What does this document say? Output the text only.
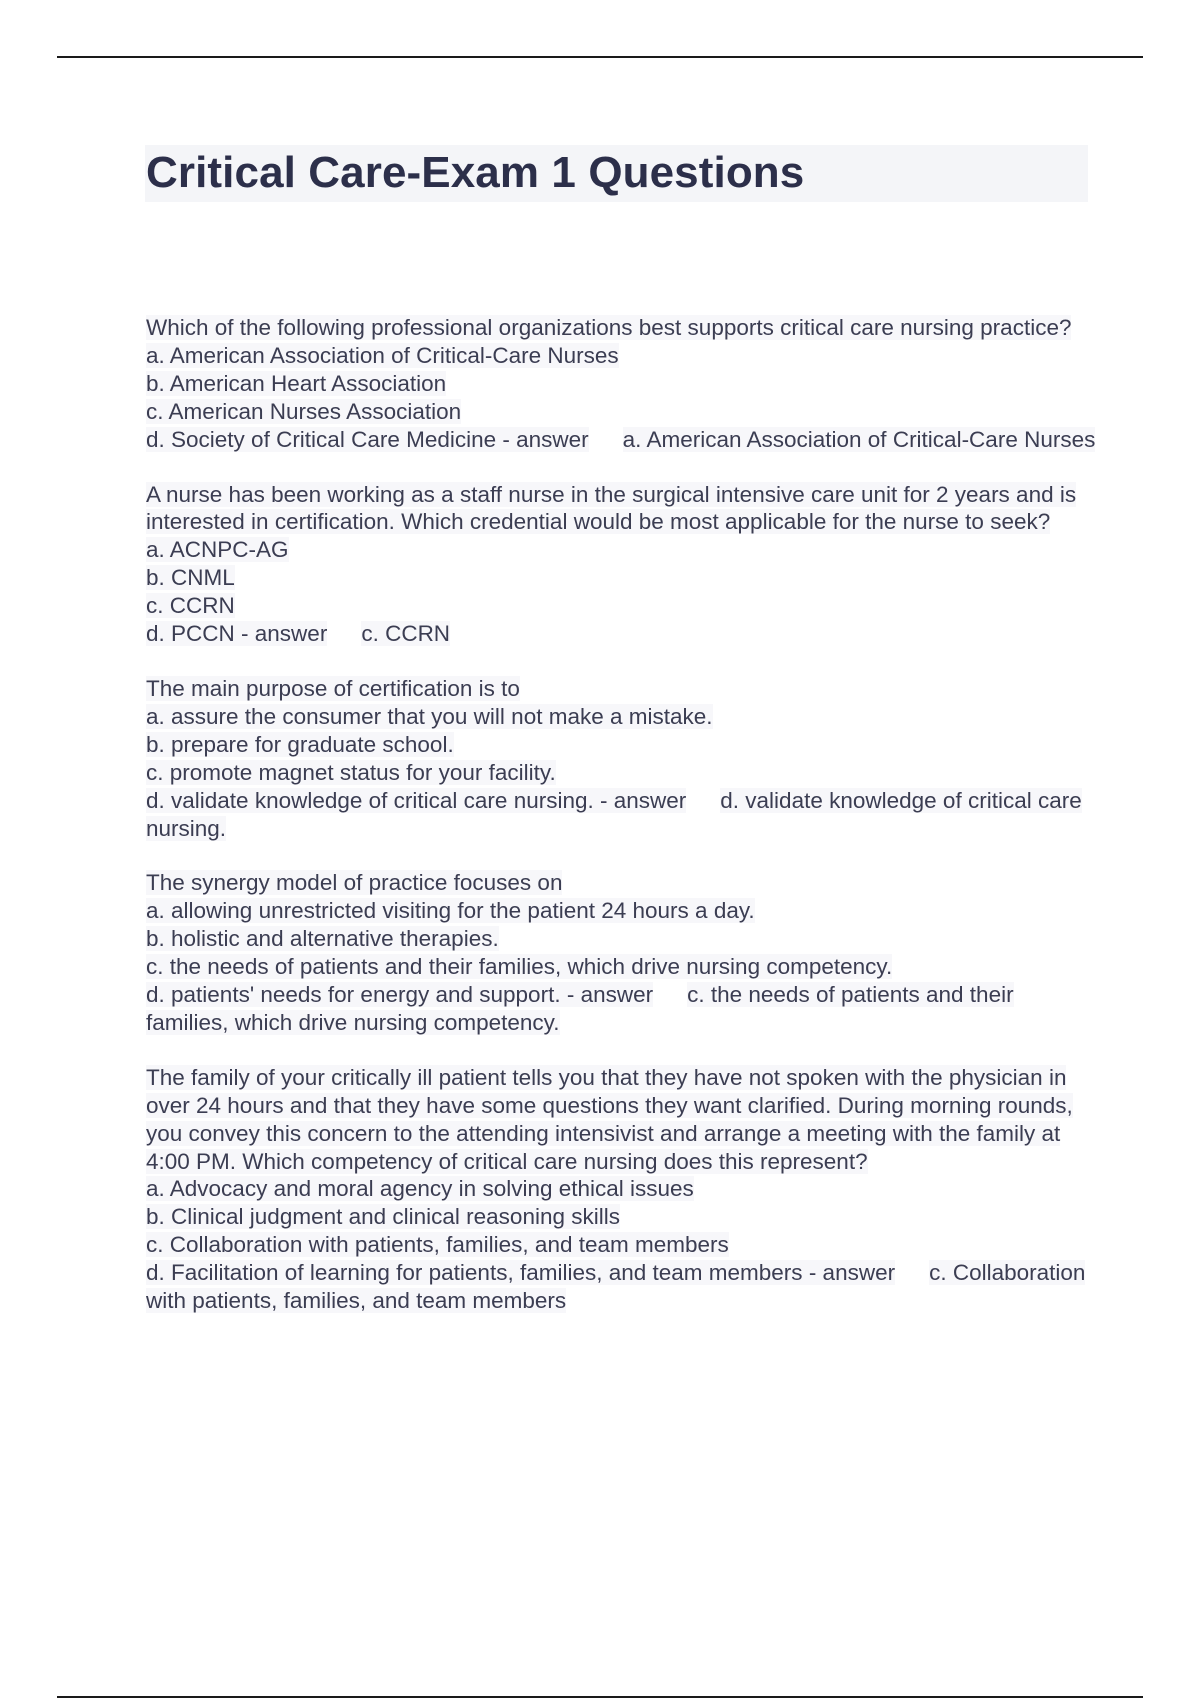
Critical Care-Exam 1 Questions

Which of the following professional organizations best supports critical care nursing practice?

a. American Association of Critical-Care Nurses

b. American Heart Association

c. American Nurses Association

d. Society of Critical Care Medicine - answer a. American Association of Critical-Care Nurses

A nurse has been working as a staff nurse in the surgical intensive care unit for 2 years and is interested in certification. Which credential would be most applicable for the nurse to seek?

a. ACNPC-AG

b. CNML

c. CCRN

d. PCCN - answer c. CCRN

The main purpose of certification is to

a. assure the consumer that you will not make a mistake.

b. prepare for graduate school.

c. promote magnet status for your facility.

d. validate knowledge of critical care nursing. - answer d. validate knowledge of critical care nursing.

The synergy model of practice focuses on

a. allowing unrestricted visiting for the patient 24 hours a day.

b. holistic and alternative therapies.

c. the needs of patients and their families, which drive nursing competency.

d. patients' needs for energy and support. - answer c. the needs of patients and their families, which drive nursing competency.

The family of your critically ill patient tells you that they have not spoken with the physician in over 24 hours and that they have some questions they want clarified. During morning rounds, you convey this concern to the attending intensivist and arrange a meeting with the family at 4:00 PM. Which competency of critical care nursing does this represent?

a. Advocacy and moral agency in solving ethical issues

b. Clinical judgment and clinical reasoning skills

c. Collaboration with patients, families, and team members

d. Facilitation of learning for patients, families, and team members - answer c. Collaboration with patients, families, and team members
